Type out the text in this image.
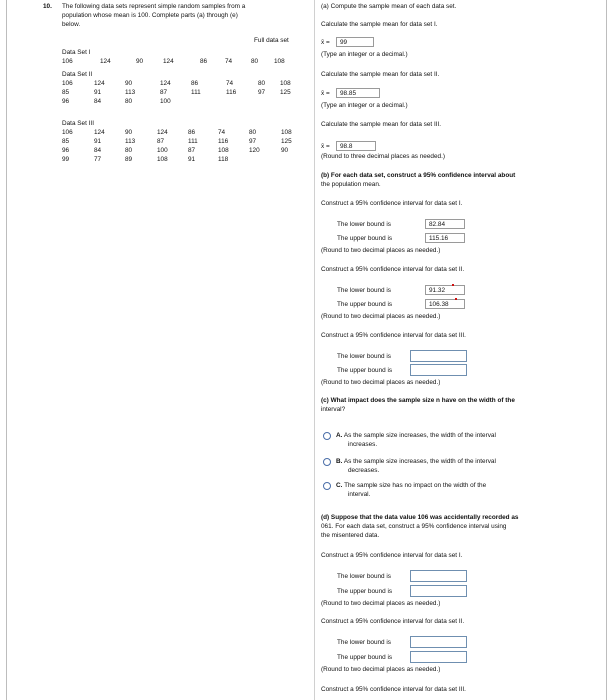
10. The following data sets represent simple random samples from a
population whose mean is 100. Complete parts (a) through (e)
below.
Full data set
Data Set I
106	124	90	124	86	74	80 108
Data Set II
106	124	90	124	86	74	80 108
85	91	113	87	111	116	97 125
96	84	80	100
Data Set III
106	124	90	124	86	74	80	108
85	91	113	87	111	116	97	125
96	84	80	100	87	108	120	90
99	77	89	108	91	118
(a) Compute the sample mean of each data set.
Calculate the sample mean for data set I.
x̄ =	99
(Type an integer or a decimal.)
Calculate the sample mean for data set II.
x̄ =	98.85
(Type an integer or a decimal.)
Calculate the sample mean for data set III.
x̄ =	98.8
(Round to three decimal places as needed.)
(b) For each data set, construct a 95% confidence interval about
the population mean.
Construct a 95% confidence interval for data set I.
The lower bound is	82.84
The upper bound is	115.16
(Round to two decimal places as needed.)
Construct a 95% confidence interval for data set II.
The lower bound is	91.32
The upper bound is	106.38
(Round to two decimal places as needed.)
Construct a 95% confidence interval for data set III.
The lower bound is
The upper bound is
(Round to two decimal places as needed.)
(c) What impact does the sample size n have on the width of the
interval?
A. As the sample size increases, the width of the interval
increases.
B. As the sample size increases, the width of the interval
decreases.
C. The sample size has no impact on the width of the
interval.
(d) Suppose that the data value 106 was accidentally recorded as
061. For each data set, construct a 95% confidence interval using
the misentered data.
Construct a 95% confidence interval for data set I.
The lower bound is
The upper bound is
(Round to two decimal places as needed.)
Construct a 95% confidence interval for data set II.
The lower bound is
The upper bound is
(Round to two decimal places as needed.)
Construct a 95% confidence interval for data set III.
